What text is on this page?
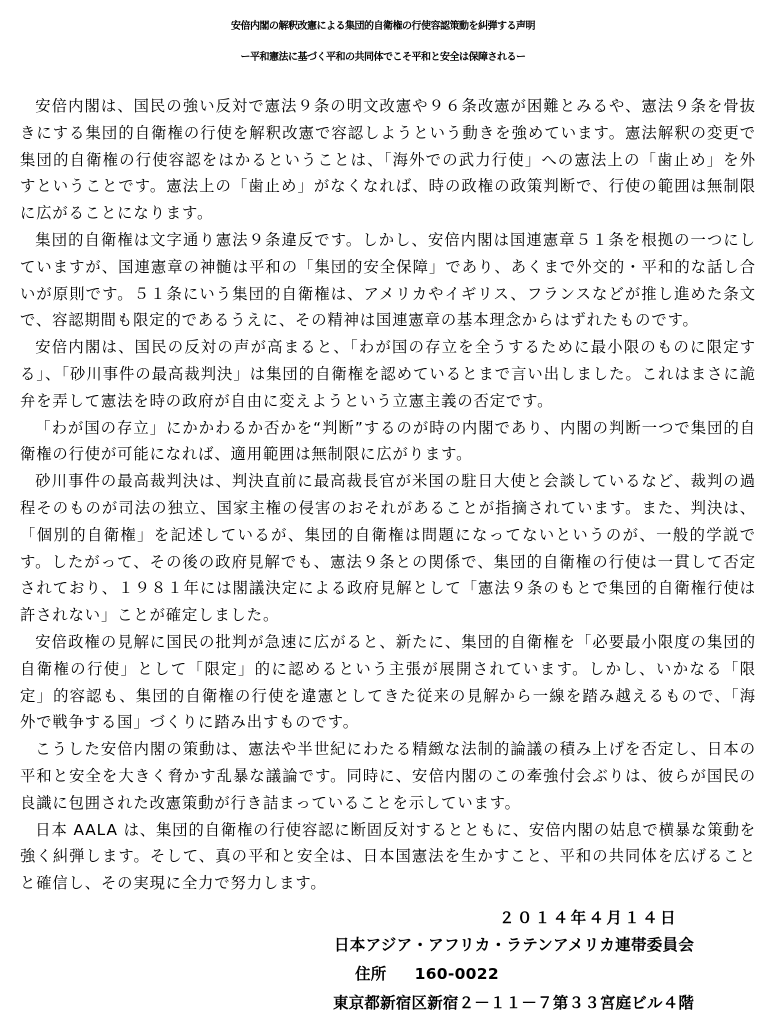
安倍内閣の解釈改憲による集団的自衛権の行使容認策動を糾弾する声明
ー平和憲法に基づく平和の共同体でこそ平和と安全は保障されるー

安倍内閣は、国民の強い反対で憲法９条の明文改憲や９６条改憲が困難とみるや、憲法９条を骨抜きにする集団的自衛権の行使を解釈改憲で容認しようという動きを強めています。憲法解釈の変更で集団的自衛権の行使容認をはかるということは、「海外での武力行使」への憲法上の「歯止め」を外すということです。憲法上の「歯止め」がなくなれば、時の政権の政策判断で、行使の範囲は無制限に広がることになります。

集団的自衛権は文字通り憲法９条違反です。しかし、安倍内閣は国連憲章５１条を根拠の一つにしていますが、国連憲章の神髄は平和の「集団的安全保障」であり、あくまで外交的・平和的な話し合いが原則です。５１条にいう集団的自衛権は、アメリカやイギリス、フランスなどが推し進めた条文で、容認期間も限定的であるうえに、その精神は国連憲章の基本理念からはずれたものです。

安倍内閣は、国民の反対の声が高まると、「わが国の存立を全うするために最小限のものに限定する」、「砂川事件の最高裁判決」は集団的自衛権を認めているとまで言い出しました。これはまさに詭弁を弄して憲法を時の政府が自由に変えようという立憲主義の否定です。

「わが国の存立」にかかわるか否かを“判断”するのが時の内閣であり、内閣の判断一つで集団的自衛権の行使が可能になれば、適用範囲は無制限に広がります。

砂川事件の最高裁判決は、判決直前に最高裁長官が米国の駐日大使と会談しているなど、裁判の過程そのものが司法の独立、国家主権の侵害のおそれがあることが指摘されています。また、判決は、「個別的自衛権」を記述しているが、集団的自衛権は問題になってないというのが、一般的学説です。したがって、その後の政府見解でも、憲法９条との関係で、集団的自衛権の行使は一貫して否定されており、１９８１年には閣議決定による政府見解として「憲法９条のもとで集団的自衛権行使は許されない」ことが確定しました。

安倍政権の見解に国民の批判が急速に広がると、新たに、集団的自衛権を「必要最小限度の集団的自衛権の行使」として「限定」的に認めるという主張が展開されています。しかし、いかなる「限定」的容認も、集団的自衛権の行使を違憲としてきた従来の見解から一線を踏み越えるもので、「海外で戦争する国」づくりに踏み出すものです。

こうした安倍内閣の策動は、憲法や半世紀にわたる精緻な法制的論議の積み上げを否定し、日本の平和と安全を大きく脅かす乱暴な議論です。同時に、安倍内閣のこの牽強付会ぶりは、彼らが国民の良識に包囲された改憲策動が行き詰まっていることを示しています。

日本 AALA は、集団的自衛権の行使容認に断固反対するとともに、安倍内閣の姑息で横暴な策動を強く糾弾します。そして、真の平和と安全は、日本国憲法を生かすこと、平和の共同体を広げることと確信し、その実現に全力で努力します。

２０１４年４月１４日
日本アジア・アフリカ・ラテンアメリカ連帯委員会
住所 160-0022
東京都新宿区新宿２－１１－７第３３宮庭ビル４階
